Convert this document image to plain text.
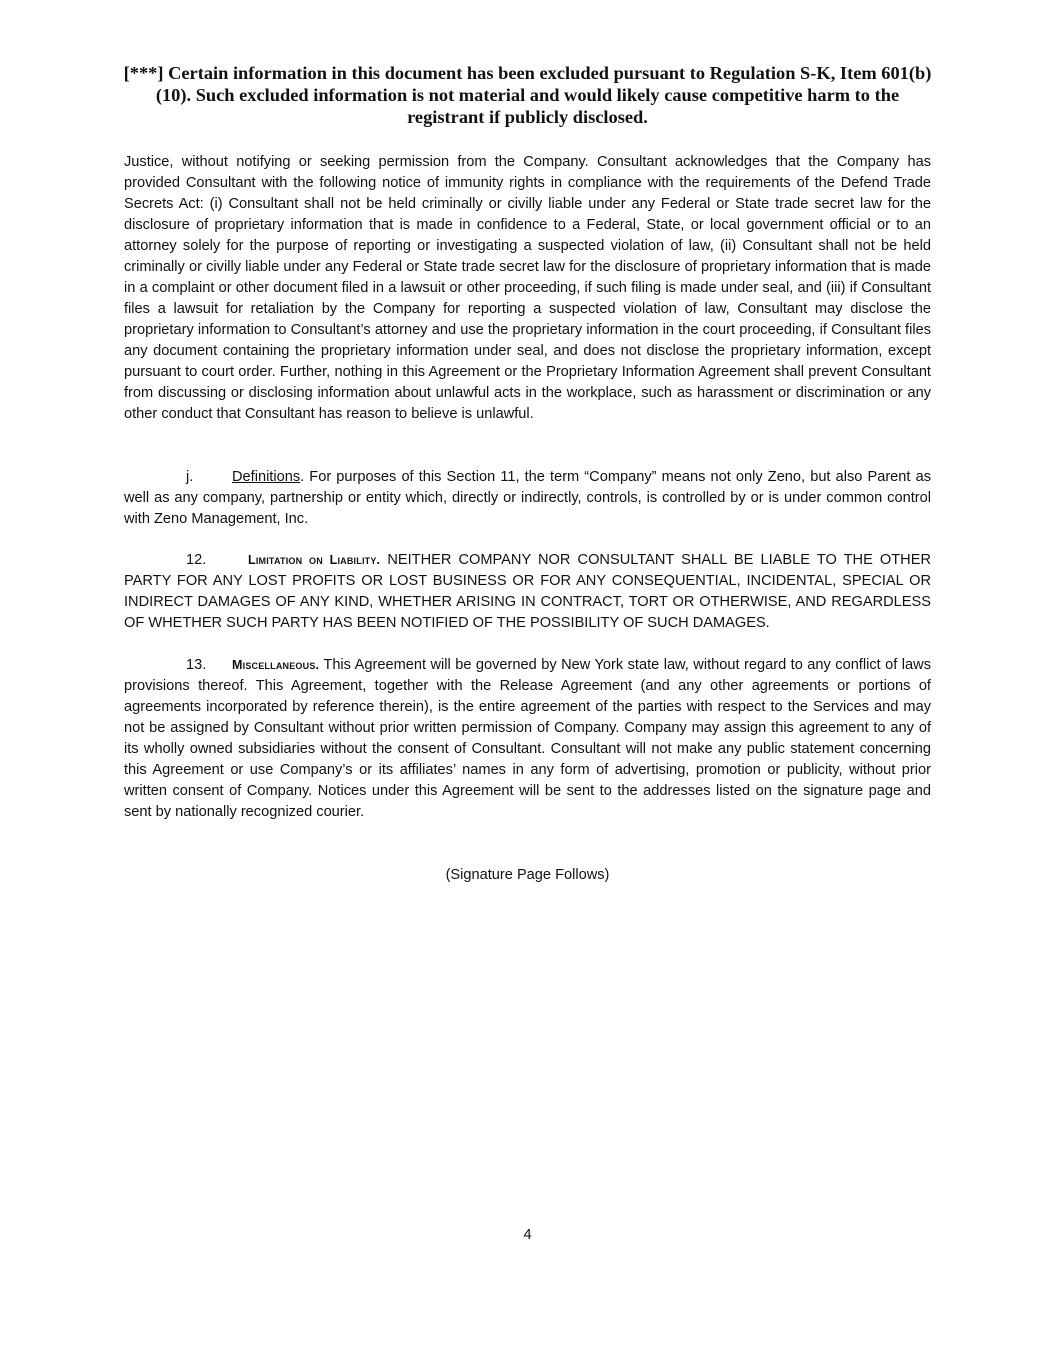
[***] Certain information in this document has been excluded pursuant to Regulation S-K, Item 601(b)(10). Such excluded information is not material and would likely cause competitive harm to the registrant if publicly disclosed.

Justice, without notifying or seeking permission from the Company. Consultant acknowledges that the Company has provided Consultant with the following notice of immunity rights in compliance with the requirements of the Defend Trade Secrets Act: (i) Consultant shall not be held criminally or civilly liable under any Federal or State trade secret law for the disclosure of proprietary information that is made in confidence to a Federal, State, or local government official or to an attorney solely for the purpose of reporting or investigating a suspected violation of law, (ii) Consultant shall not be held criminally or civilly liable under any Federal or State trade secret law for the disclosure of proprietary information that is made in a complaint or other document filed in a lawsuit or other proceeding, if such filing is made under seal, and (iii) if Consultant files a lawsuit for retaliation by the Company for reporting a suspected violation of law, Consultant may disclose the proprietary information to Consultant’s attorney and use the proprietary information in the court proceeding, if Consultant files any document containing the proprietary information under seal, and does not disclose the proprietary information, except pursuant to court order. Further, nothing in this Agreement or the Proprietary Information Agreement shall prevent Consultant from discussing or disclosing information about unlawful acts in the workplace, such as harassment or discrimination or any other conduct that Consultant has reason to believe is unlawful.

j.	Definitions. For purposes of this Section 11, the term “Company” means not only Zeno, but also Parent as well as any company, partnership or entity which, directly or indirectly, controls, is controlled by or is under common control with Zeno Management, Inc.

12.	Limitation on Liability. NEITHER COMPANY NOR CONSULTANT SHALL BE LIABLE TO THE OTHER PARTY FOR ANY LOST PROFITS OR LOST BUSINESS OR FOR ANY CONSEQUENTIAL, INCIDENTAL, SPECIAL OR INDIRECT DAMAGES OF ANY KIND, WHETHER ARISING IN CONTRACT, TORT OR OTHERWISE, AND REGARDLESS OF WHETHER SUCH PARTY HAS BEEN NOTIFIED OF THE POSSIBILITY OF SUCH DAMAGES.

13. Miscellaneous. This Agreement will be governed by New York state law, without regard to any conflict of laws provisions thereof. This Agreement, together with the Release Agreement (and any other agreements or portions of agreements incorporated by reference therein), is the entire agreement of the parties with respect to the Services and may not be assigned by Consultant without prior written permission of Company. Company may assign this agreement to any of its wholly owned subsidiaries without the consent of Consultant. Consultant will not make any public statement concerning this Agreement or use Company’s or its affiliates’ names in any form of advertising, promotion or publicity, without prior written consent of Company. Notices under this Agreement will be sent to the addresses listed on the signature page and sent by nationally recognized courier.

(Signature Page Follows)
4
